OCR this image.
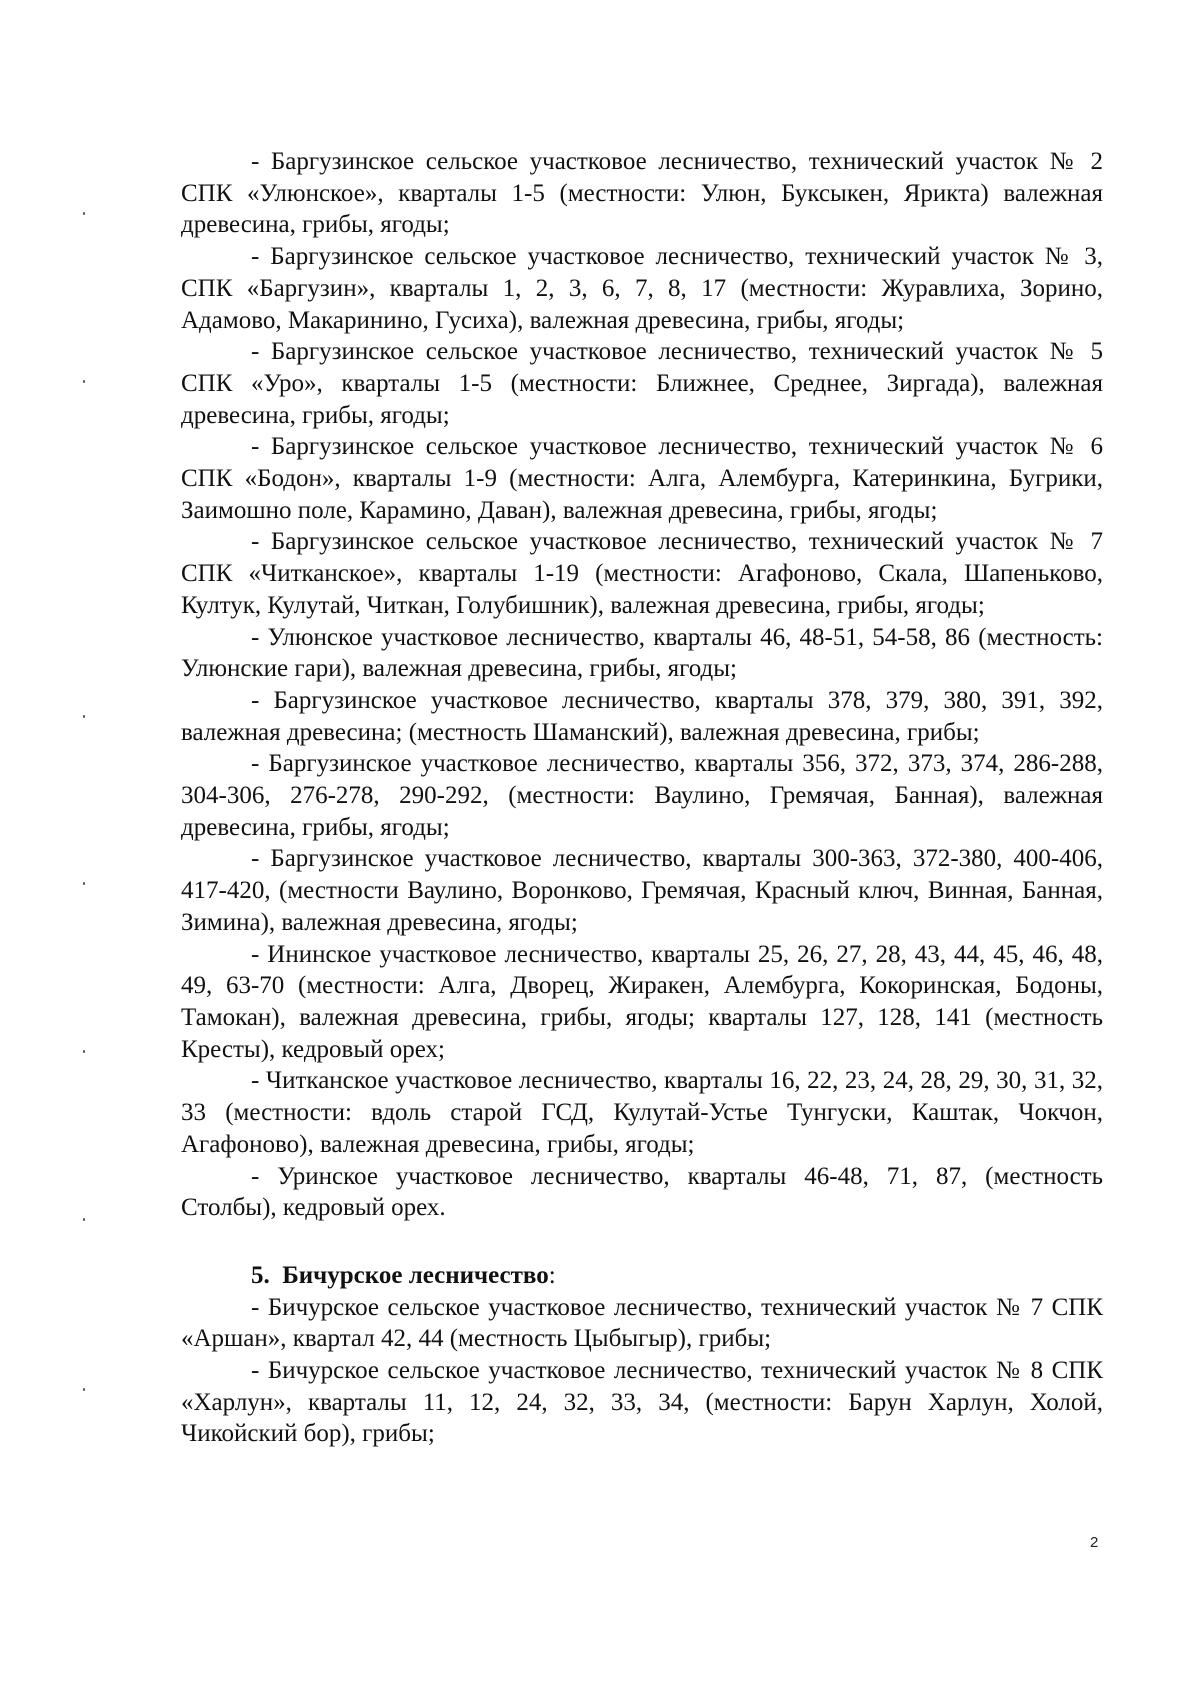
- Баргузинское сельское участковое лесничество, технический участок № 2 СПК «Улюнское», кварталы 1-5 (местности: Улюн, Буксыкен, Ярикта) валежная древесина, грибы, ягоды;

- Баргузинское сельское участковое лесничество, технический участок № 3, СПК «Баргузин», кварталы 1, 2, 3, 6, 7, 8, 17 (местности: Журавлиха, Зорино, Адамово, Макаринино, Гусиха), валежная древесина, грибы, ягоды;

- Баргузинское сельское участковое лесничество, технический участок № 5 СПК «Уро», кварталы 1-5 (местности: Ближнее, Среднее, Зиргада), валежная древесина, грибы, ягоды;

- Баргузинское сельское участковое лесничество, технический участок № 6 СПК «Бодон», кварталы 1-9 (местности: Алга, Алембурга, Катеринкина, Бугрики, Заимошно поле, Карамино, Даван), валежная древесина, грибы, ягоды;

- Баргузинское сельское участковое лесничество, технический участок № 7 СПК «Читканское», кварталы 1-19 (местности: Агафоново, Скала, Шапеньково, Култук, Кулутай, Читкан, Голубишник), валежная древесина, грибы, ягоды;

- Улюнское участковое лесничество, кварталы 46, 48-51, 54-58, 86 (местность: Улюнские гари), валежная древесина, грибы, ягоды;

- Баргузинское участковое лесничество, кварталы 378, 379, 380, 391, 392, валежная древесина; (местность Шаманский), валежная древесина, грибы;

- Баргузинское участковое лесничество, кварталы 356, 372, 373, 374, 286-288, 304-306, 276-278, 290-292, (местности: Ваулино, Гремячая, Банная), валежная древесина, грибы, ягоды;

- Баргузинское участковое лесничество, кварталы 300-363, 372-380, 400-406, 417-420, (местности Ваулино, Воронково, Гремячая, Красный ключ, Винная, Банная, Зимина), валежная древесина, ягоды;

- Ининское участковое лесничество, кварталы 25, 26, 27, 28, 43, 44, 45, 46, 48, 49, 63-70 (местности: Алга, Дворец, Жиракен, Алембурга, Кокоринская, Бодоны, Тамокан), валежная древесина, грибы, ягоды; кварталы 127, 128, 141 (местность Кресты), кедровый орех;

- Читканское участковое лесничество, кварталы 16, 22, 23, 24, 28, 29, 30, 31, 32, 33 (местности: вдоль старой ГСД, Кулутай-Устье Тунгуски, Каштак, Чокчон, Агафоново), валежная древесина, грибы, ягоды;

- Уринское участковое лесничество, кварталы 46-48, 71, 87, (местность Столбы), кедровый орех.

5. Бичурское лесничество:

- Бичурское сельское участковое лесничество, технический участок № 7 СПК «Аршан», квартал 42, 44 (местность Цыбыгыр), грибы;

- Бичурское сельское участковое лесничество, технический участок № 8 СПК «Харлун», кварталы 11, 12, 24, 32, 33, 34, (местности: Барун Харлун, Холой, Чикойский бор), грибы;

2
